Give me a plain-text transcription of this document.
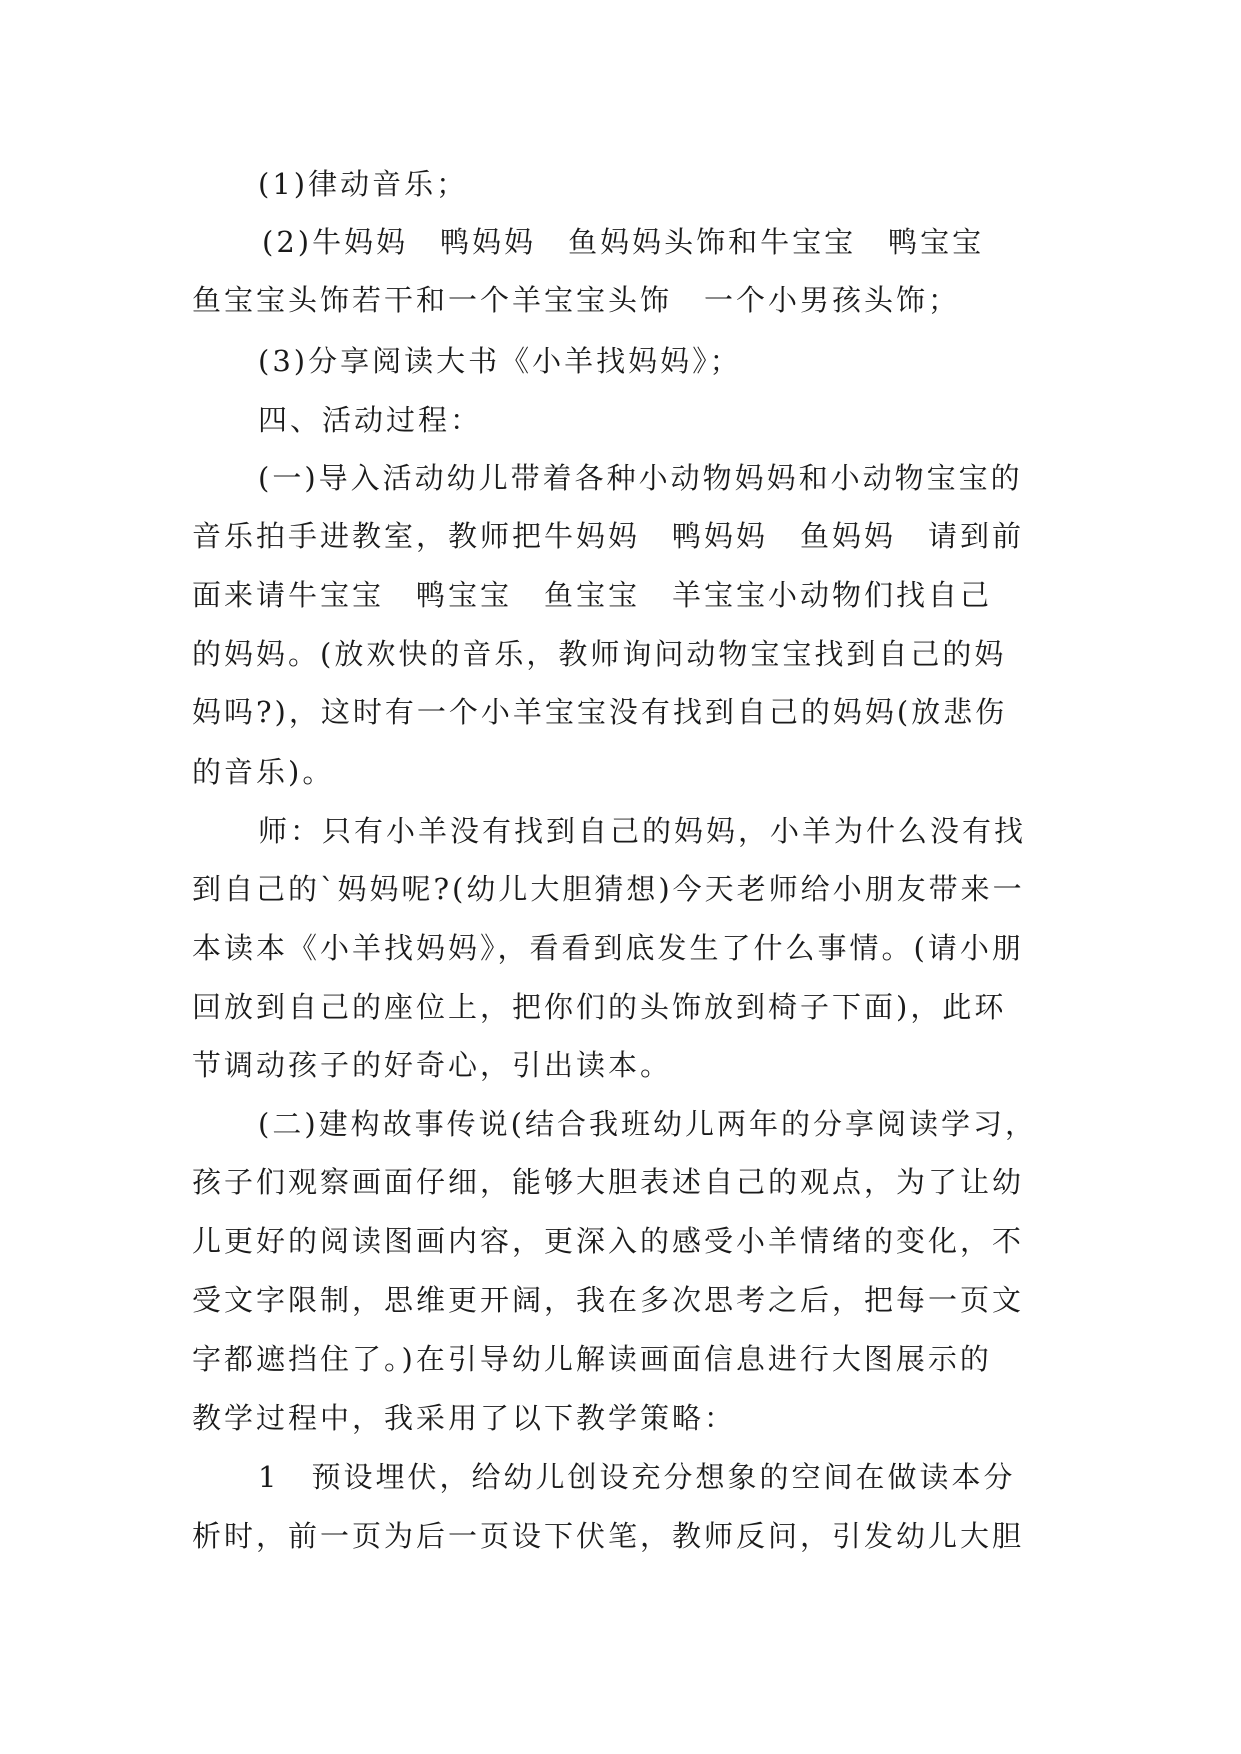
(1)律动音乐；
(2)牛妈妈　鸭妈妈　鱼妈妈头饰和牛宝宝　鸭宝宝
鱼宝宝头饰若干和一个羊宝宝头饰　一个小男孩头饰；
(3)分享阅读大书《小羊找妈妈》；
四、活动过程：
(一)导入活动幼儿带着各种小动物妈妈和小动物宝宝的
音乐拍手进教室，教师把牛妈妈　鸭妈妈　鱼妈妈　请到前
面来请牛宝宝　鸭宝宝　鱼宝宝　羊宝宝小动物们找自己
的妈妈。(放欢快的音乐，教师询问动物宝宝找到自己的妈
妈吗?)，这时有一个小羊宝宝没有找到自己的妈妈(放悲伤
的音乐)。
师：只有小羊没有找到自己的妈妈，小羊为什么没有找
到自己的`妈妈呢?(幼儿大胆猜想)今天老师给小朋友带来一
本读本《小羊找妈妈》，看看到底发生了什么事情。(请小朋
回放到自己的座位上，把你们的头饰放到椅子下面)，此环
节调动孩子的好奇心，引出读本。
(二)建构故事传说(结合我班幼儿两年的分享阅读学习，
孩子们观察画面仔细，能够大胆表述自己的观点，为了让幼
儿更好的阅读图画内容，更深入的感受小羊情绪的变化，不
受文字限制，思维更开阔，我在多次思考之后，把每一页文
字都遮挡住了。)在引导幼儿解读画面信息进行大图展示的
教学过程中，我采用了以下教学策略：
1　预设埋伏，给幼儿创设充分想象的空间在做读本分
析时，前一页为后一页设下伏笔，教师反问，引发幼儿大胆
